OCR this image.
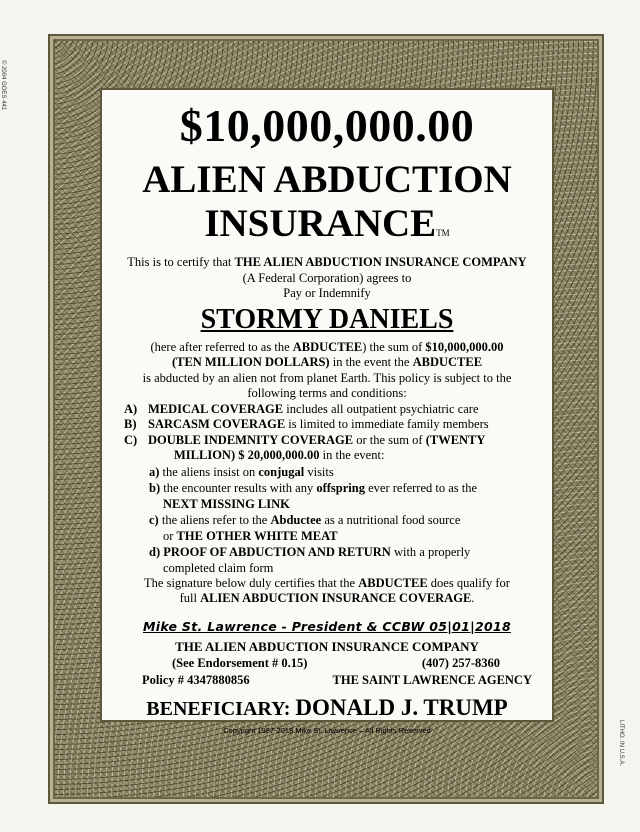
© 2004 GOES 441
LITHO. IN U.S.A.
$10,000,000.00
ALIEN ABDUCTION
INSURANCETM
This is to certify that THE ALIEN ABDUCTION INSURANCE COMPANY
(A Federal Corporation) agrees to
Pay or Indemnify
STORMY DANIELS
(here after referred to as the ABDUCTEE) the sum of $10,000,000.00
(TEN MILLION DOLLARS) in the event the ABDUCTEE
is abducted by an alien not from planet Earth. This policy is subject to the
following terms and conditions:
A) MEDICAL COVERAGE includes all outpatient psychiatric care
B) SARCASM COVERAGE is limited to immediate family members
C) DOUBLE INDEMNITY COVERAGE or the sum of (TWENTY
MILLION) $ 20,000,000.00 in the event:
a) the aliens insist on conjugal visits
b) the encounter results with any offspring ever referred to as the
NEXT MISSING LINK
c) the aliens refer to the Abductee as a nutritional food source
or THE OTHER WHITE MEAT
d) PROOF OF ABDUCTION AND RETURN with a properly
completed claim form
The signature below duly certifies that the ABDUCTEE does qualify for
full ALIEN ABDUCTION INSURANCE COVERAGE.
Mike St. Lawrence - President & CCBW 05|01|2018
THE ALIEN ABDUCTION INSURANCE COMPANY
(See Endorsement # 0.15)	(407) 257-8360
Policy # 4347880856	THE SAINT LAWRENCE AGENCY
BENEFICIARY: DONALD J. TRUMP
Copyright 1987-2018 Mike St. Lawrence – All Rights Reserved
